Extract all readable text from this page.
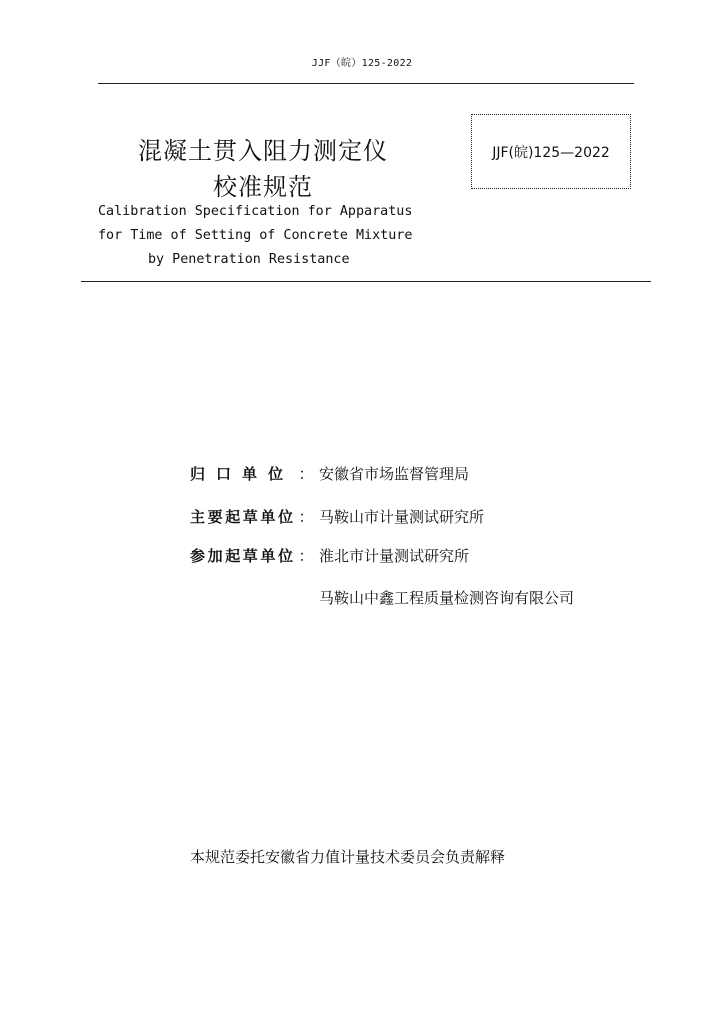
JJF（皖）125-2022
混凝土贯入阻力测定仪
校准规范
Calibration Specification for Apparatus
for Time of Setting of Concrete Mixture
by Penetration Resistance
JJF(皖)125—2022
归口单位 ： 安徽省市场监督管理局
主要起草单位 ： 马鞍山市计量测试研究所
参加起草单位 ： 淮北市计量测试研究所
马鞍山中鑫工程质量检测咨询有限公司
本规范委托安徽省力值计量技术委员会负责解释
